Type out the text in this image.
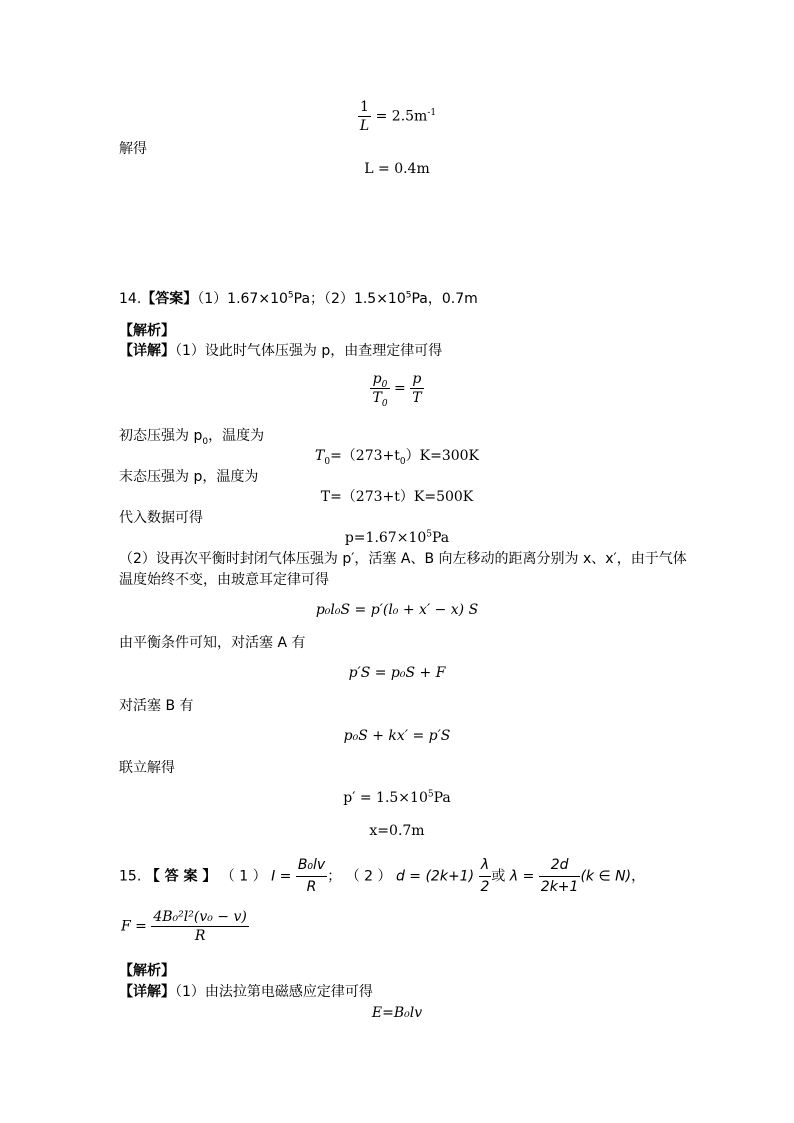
$\frac{1}{L} = 2.5m^{-1}$
解得
L = 0.4m
14.【答案】$(1)1.67\times 10^5Pa$；$(2)1.5\times 10^5Pa$，0.7m
【解析】
【详解】（1）设此时气体压强为 p，由查理定律可得
$\frac{p_0}{T_0} = \frac{p}{T}$
初态压强为 $p_0$，温度为
$T_0=(273+t_0)K=300K$
末态压强为 p，温度为
T=（273+t）K=500K
代入数据可得
$p=1.67\times 10^5Pa$
（2）设再次平衡时封闭气体压强为 p′，活塞 A、B 向左移动的距离分别为 x、x′，由于气体
温度始终不变，由玻意耳定律可得
p₀l₀S = p′(l₀ + x′ − x) S
由平衡条件可知，对活塞 A 有
p′S = p₀S + F
对活塞 B 有
p₀S + kx′ = p′S
联立解得
$p' = 1.5\times 10^5Pa$
x=0.7m
15. 【 答 案 】 （ 1 ） $I = \frac{\text{B₀lv}}{R}$ ； （ 2 ） $d = (2k+1) \frac{\lambda}{2}$ 或 $\lambda = \frac{2d}{2k+1} (k$ ∈ N)，
$F = \frac{\text{4B₀²l²(v₀ − v)}}{R}$
【解析】
【详解】（1）由法拉第电磁感应定律可得
E=B₀lv
